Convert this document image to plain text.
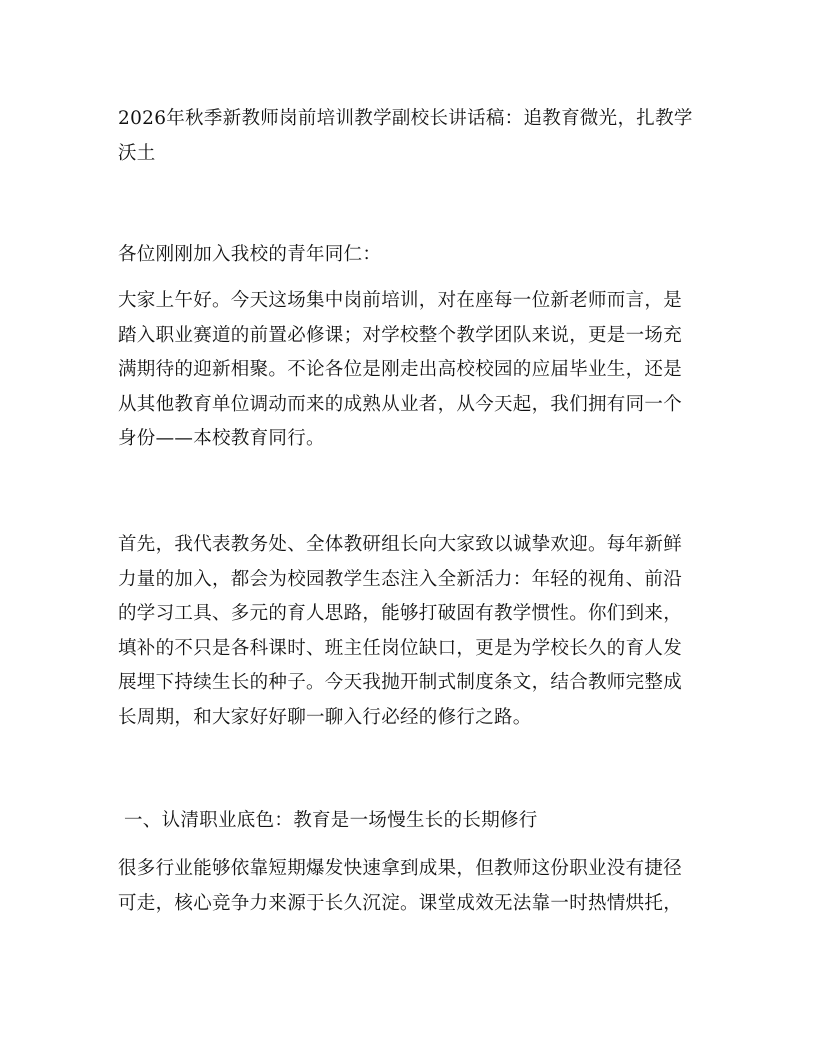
2026年秋季新教师岗前培训教学副校长讲话稿：追教育微光，扎教学
沃土
各位刚刚加入我校的青年同仁：
大家上午好。今天这场集中岗前培训，对在座每一位新老师而言，是
踏入职业赛道的前置必修课；对学校整个教学团队来说，更是一场充
满期待的迎新相聚。不论各位是刚走出高校校园的应届毕业生，还是
从其他教育单位调动而来的成熟从业者，从今天起，我们拥有同一个
身份——本校教育同行。
首先，我代表教务处、全体教研组长向大家致以诚挚欢迎。每年新鲜
力量的加入，都会为校园教学生态注入全新活力：年轻的视角、前沿
的学习工具、多元的育人思路，能够打破固有教学惯性。你们到来，
填补的不只是各科课时、班主任岗位缺口，更是为学校长久的育人发
展埋下持续生长的种子。今天我抛开制式制度条文，结合教师完整成
长周期，和大家好好聊一聊入行必经的修行之路。
一、认清职业底色：教育是一场慢生长的长期修行
很多行业能够依靠短期爆发快速拿到成果，但教师这份职业没有捷径
可走，核心竞争力来源于长久沉淀。课堂成效无法靠一时热情烘托，
